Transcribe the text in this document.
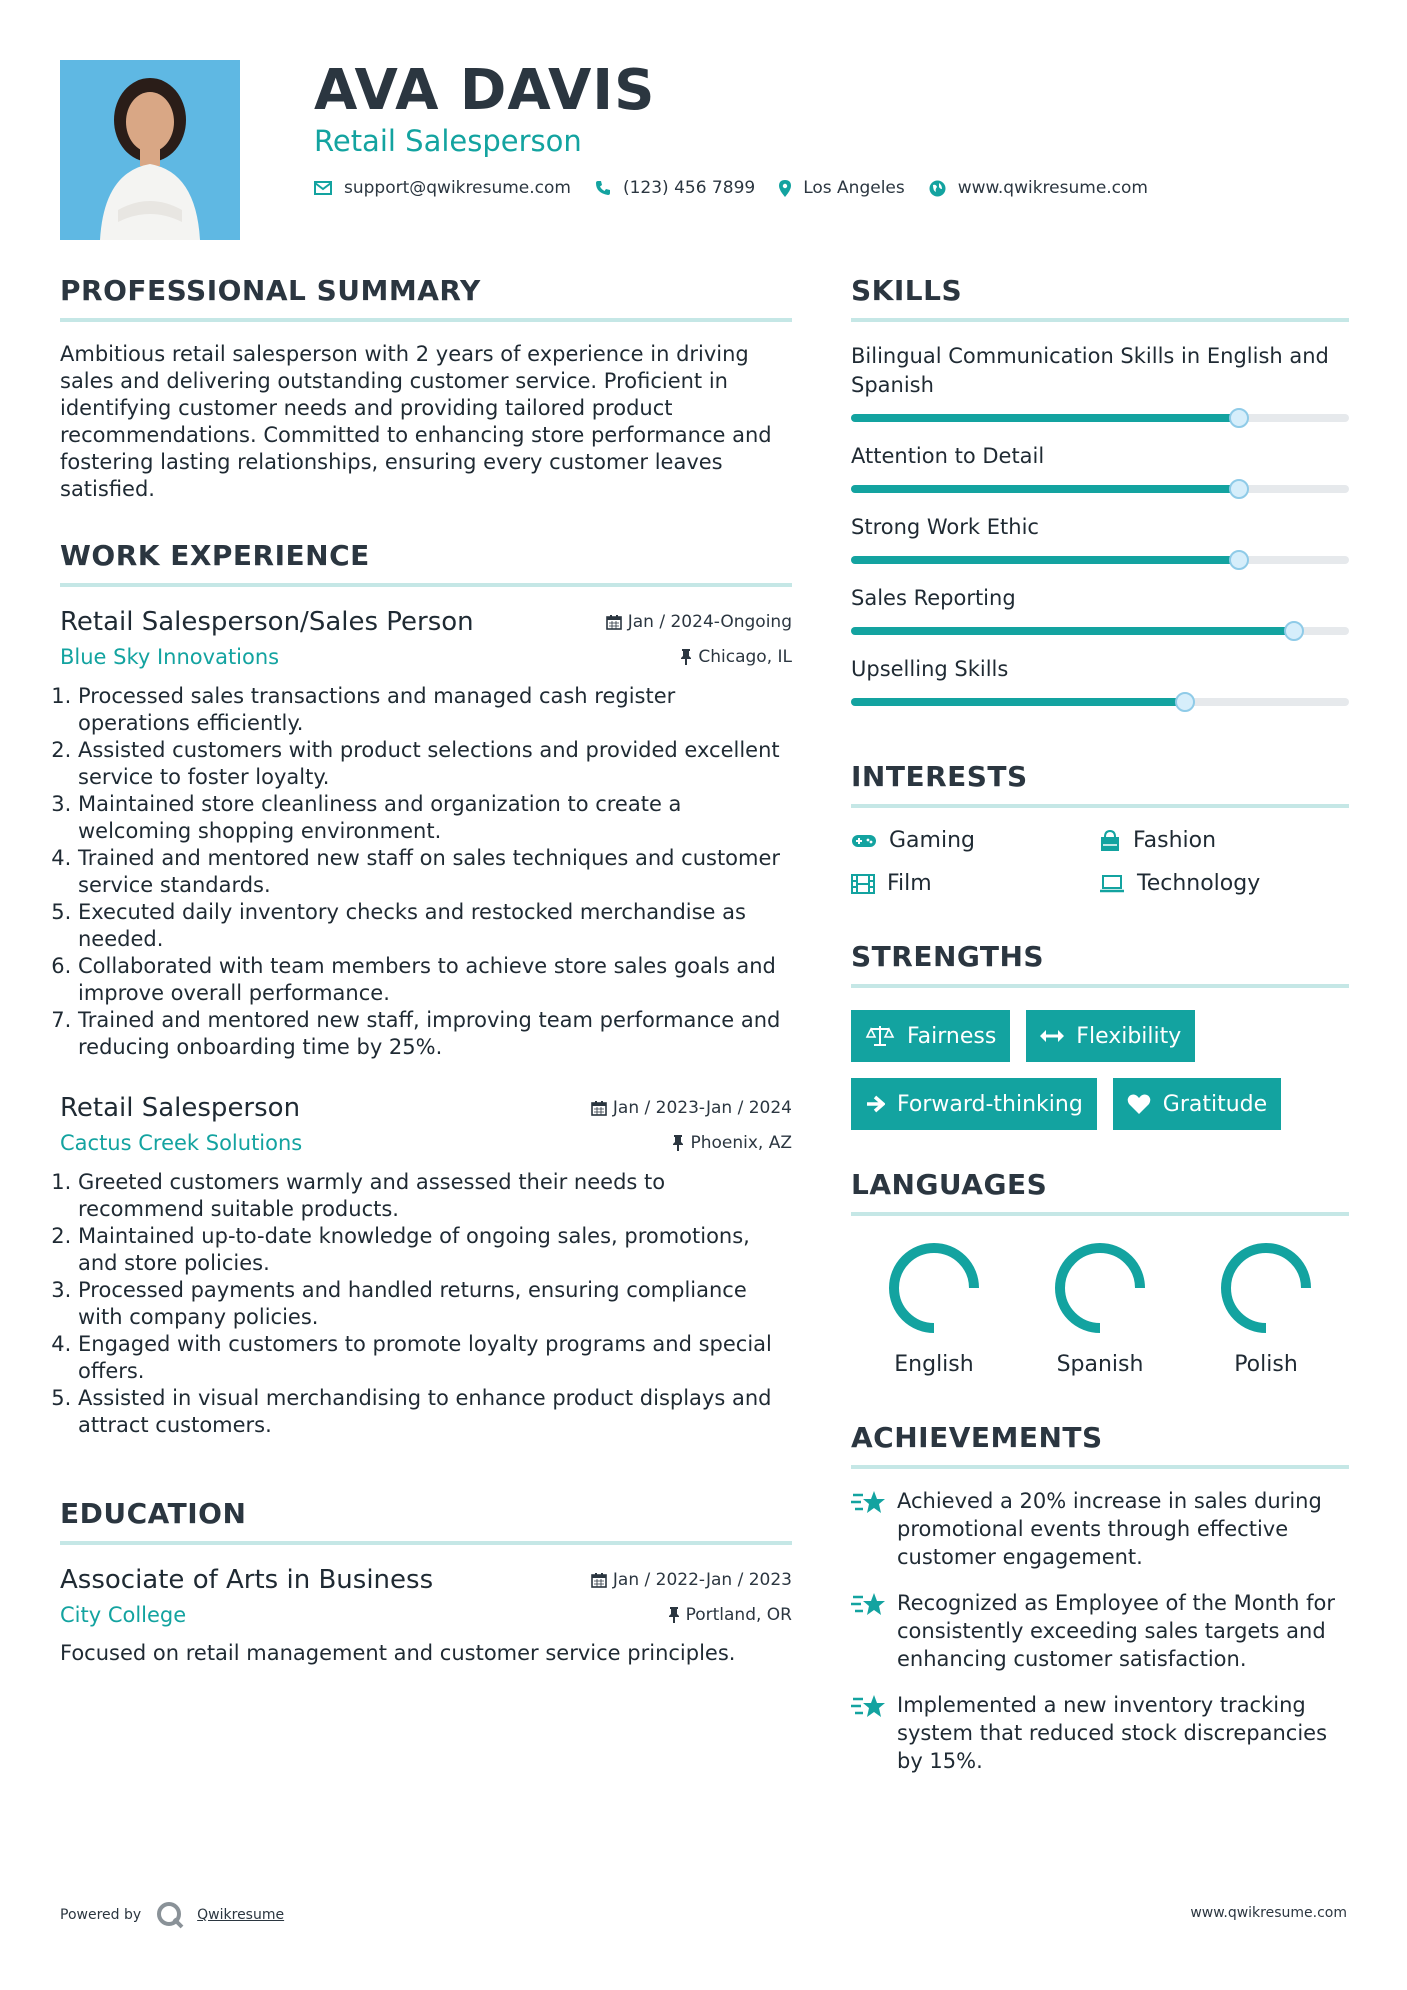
AVA DAVIS
Retail Salesperson
support@qwikresume.com	(123) 456 7899	Los Angeles	www.qwikresume.com
PROFESSIONAL SUMMARY
Ambitious retail salesperson with 2 years of experience in driving sales and delivering outstanding customer service. Proficient in identifying customer needs and providing tailored product recommendations. Committed to enhancing store performance and fostering lasting relationships, ensuring every customer leaves satisfied.
WORK EXPERIENCE
Retail Salesperson/Sales Person	Jan / 2024-Ongoing
Blue Sky Innovations	Chicago, IL
1. Processed sales transactions and managed cash register operations efficiently.
2. Assisted customers with product selections and provided excellent service to foster loyalty.
3. Maintained store cleanliness and organization to create a welcoming shopping environment.
4. Trained and mentored new staff on sales techniques and customer service standards.
5. Executed daily inventory checks and restocked merchandise as needed.
6. Collaborated with team members to achieve store sales goals and improve overall performance.
7. Trained and mentored new staff, improving team performance and reducing onboarding time by 25%.
Retail Salesperson	Jan / 2023-Jan / 2024
Cactus Creek Solutions	Phoenix, AZ
1. Greeted customers warmly and assessed their needs to recommend suitable products.
2. Maintained up-to-date knowledge of ongoing sales, promotions, and store policies.
3. Processed payments and handled returns, ensuring compliance with company policies.
4. Engaged with customers to promote loyalty programs and special offers.
5. Assisted in visual merchandising to enhance product displays and attract customers.
EDUCATION
Associate of Arts in Business	Jan / 2022-Jan / 2023
City College	Portland, OR
Focused on retail management and customer service principles.
SKILLS
Bilingual Communication Skills in English and Spanish
Attention to Detail
Strong Work Ethic
Sales Reporting
Upselling Skills
INTERESTS
Gaming	Fashion
Film	Technology
STRENGTHS
Fairness	Flexibility
Forward-thinking	Gratitude
LANGUAGES
English	Spanish	Polish
ACHIEVEMENTS
Achieved a 20% increase in sales during promotional events through effective customer engagement.
Recognized as Employee of the Month for consistently exceeding sales targets and enhancing customer satisfaction.
Implemented a new inventory tracking system that reduced stock discrepancies by 15%.
Powered by	Qwikresume	www.qwikresume.com
